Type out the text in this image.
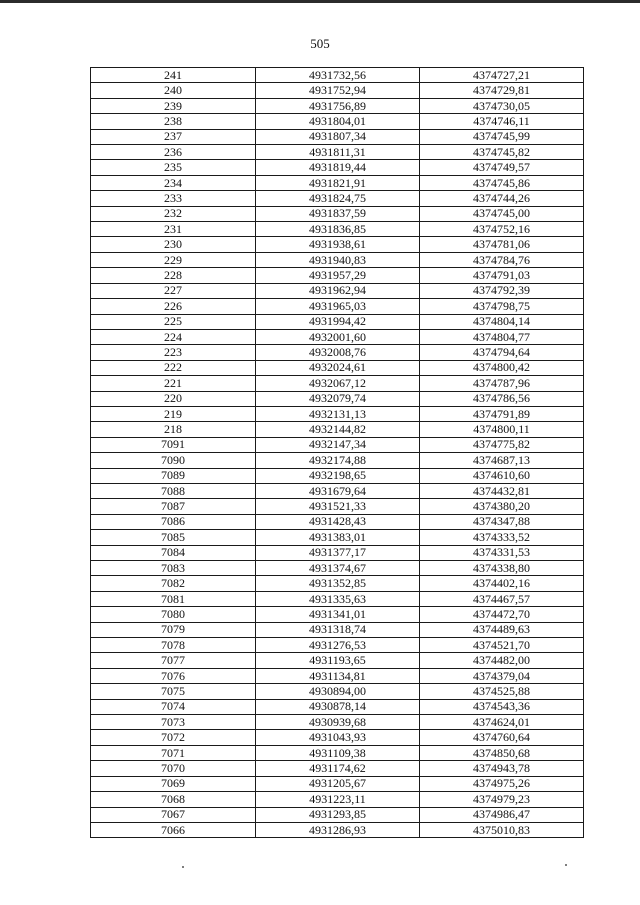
505
241	4931732,56	4374727,21
240	4931752,94	4374729,81
239	4931756,89	4374730,05
238	4931804,01	4374746,11
237	4931807,34	4374745,99
236	4931811,31	4374745,82
235	4931819,44	4374749,57
234	4931821,91	4374745,86
233	4931824,75	4374744,26
232	4931837,59	4374745,00
231	4931836,85	4374752,16
230	4931938,61	4374781,06
229	4931940,83	4374784,76
228	4931957,29	4374791,03
227	4931962,94	4374792,39
226	4931965,03	4374798,75
225	4931994,42	4374804,14
224	4932001,60	4374804,77
223	4932008,76	4374794,64
222	4932024,61	4374800,42
221	4932067,12	4374787,96
220	4932079,74	4374786,56
219	4932131,13	4374791,89
218	4932144,82	4374800,11
7091	4932147,34	4374775,82
7090	4932174,88	4374687,13
7089	4932198,65	4374610,60
7088	4931679,64	4374432,81
7087	4931521,33	4374380,20
7086	4931428,43	4374347,88
7085	4931383,01	4374333,52
7084	4931377,17	4374331,53
7083	4931374,67	4374338,80
7082	4931352,85	4374402,16
7081	4931335,63	4374467,57
7080	4931341,01	4374472,70
7079	4931318,74	4374489,63
7078	4931276,53	4374521,70
7077	4931193,65	4374482,00
7076	4931134,81	4374379,04
7075	4930894,00	4374525,88
7074	4930878,14	4374543,36
7073	4930939,68	4374624,01
7072	4931043,93	4374760,64
7071	4931109,38	4374850,68
7070	4931174,62	4374943,78
7069	4931205,67	4374975,26
7068	4931223,11	4374979,23
7067	4931293,85	4374986,47
7066	4931286,93	4375010,83
